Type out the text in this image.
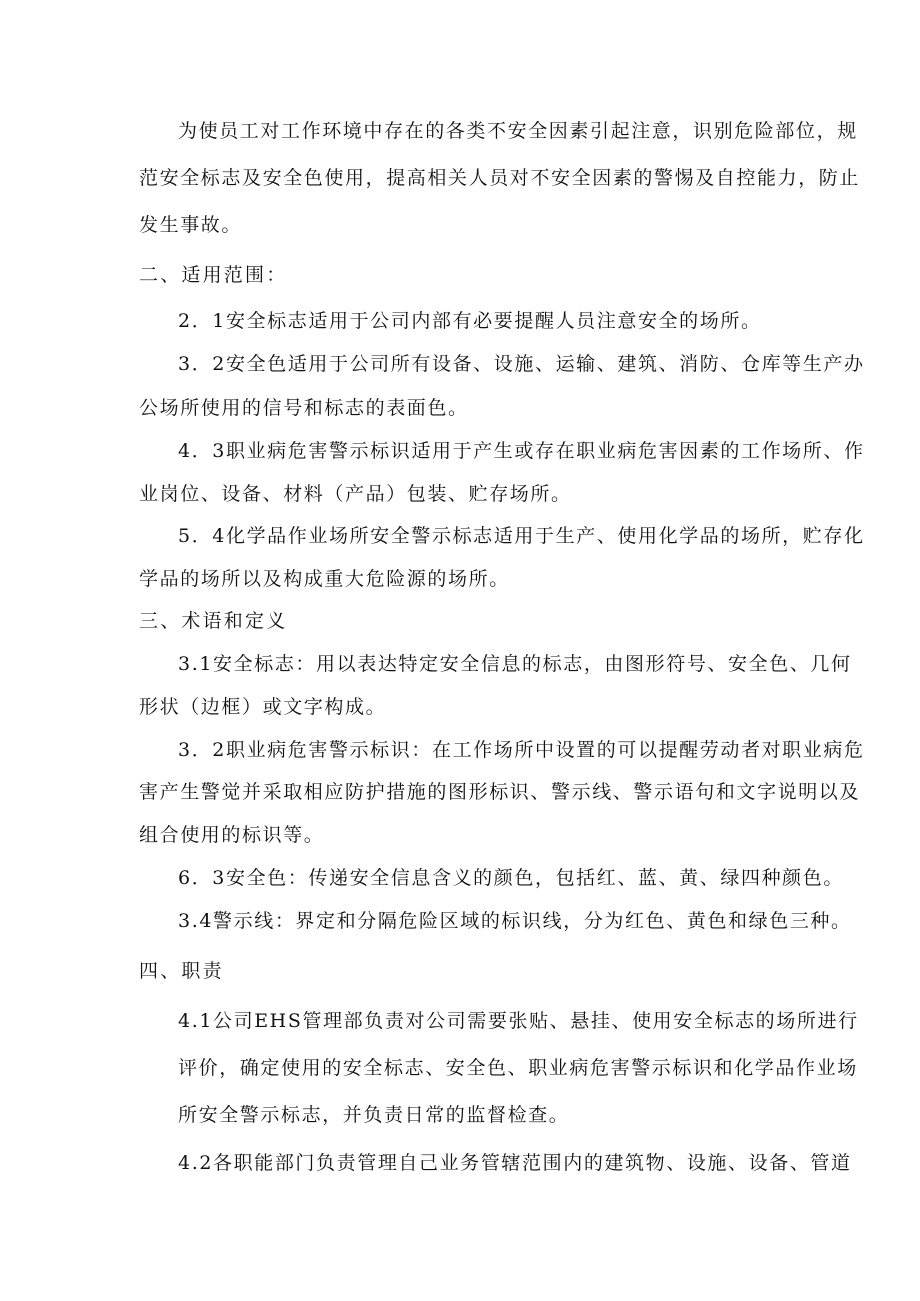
为使员工对工作环境中存在的各类不安全因素引起注意，识别危险部位，规
范安全标志及安全色使用，提高相关人员对不安全因素的警惕及自控能力，防止
发生事故。
二、适用范围：
2．1安全标志适用于公司内部有必要提醒人员注意安全的场所。
3．2安全色适用于公司所有设备、设施、运输、建筑、消防、仓库等生产办
公场所使用的信号和标志的表面色。
4．3职业病危害警示标识适用于产生或存在职业病危害因素的工作场所、作
业岗位、设备、材料（产品）包装、贮存场所。
5．4化学品作业场所安全警示标志适用于生产、使用化学品的场所，贮存化
学品的场所以及构成重大危险源的场所。
三、术语和定义
3.1安全标志：用以表达特定安全信息的标志，由图形符号、安全色、几何
形状（边框）或文字构成。
3．2职业病危害警示标识：在工作场所中设置的可以提醒劳动者对职业病危
害产生警觉并采取相应防护措施的图形标识、警示线、警示语句和文字说明以及
组合使用的标识等。
6．3安全色：传递安全信息含义的颜色，包括红、蓝、黄、绿四种颜色。
3.4警示线：界定和分隔危险区域的标识线，分为红色、黄色和绿色三种。
四、职责
4.1公司EHS管理部负责对公司需要张贴、悬挂、使用安全标志的场所进行
评价，确定使用的安全标志、安全色、职业病危害警示标识和化学品作业场
所安全警示标志，并负责日常的监督检查。
4.2各职能部门负责管理自己业务管辖范围内的建筑物、设施、设备、管道
